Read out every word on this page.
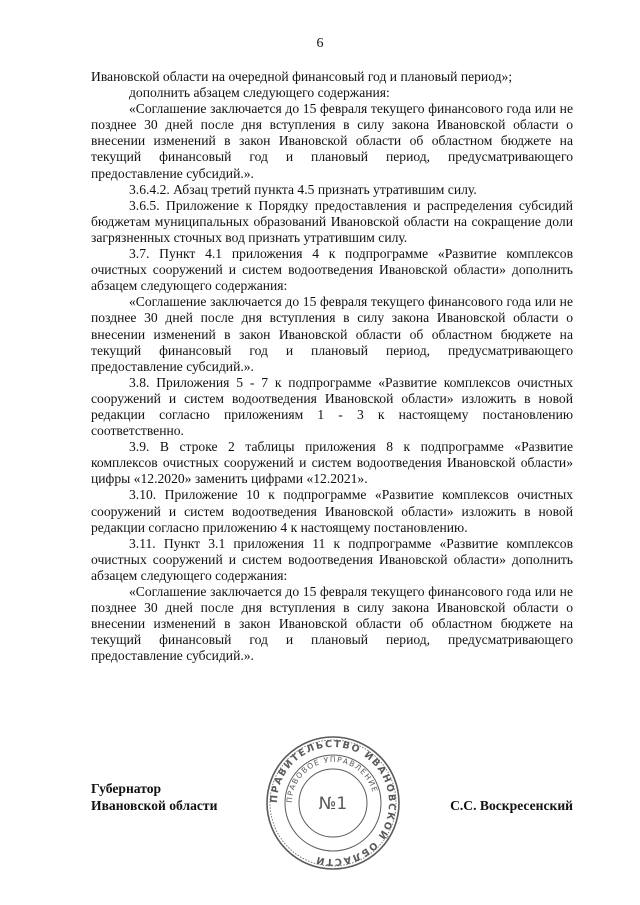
6

Ивановской области на очередной финансовый год и плановый период»;

дополнить абзацем следующего содержания:

«Соглашение заключается до 15 февраля текущего финансового года или не позднее 30 дней после дня вступления в силу закона Ивановской области о внесении изменений в закон Ивановской области об областном бюджете на текущий финансовый год и плановый период, предусматривающего предоставление субсидий.».

3.6.4.2. Абзац третий пункта 4.5 признать утратившим силу.

3.6.5. Приложение к Порядку предоставления и распределения субсидий бюджетам муниципальных образований Ивановской области на сокращение доли загрязненных сточных вод признать утратившим силу.

3.7. Пункт 4.1 приложения 4 к подпрограмме «Развитие комплексов очистных сооружений и систем водоотведения Ивановской области» дополнить абзацем следующего содержания:

«Соглашение заключается до 15 февраля текущего финансового года или не позднее 30 дней после дня вступления в силу закона Ивановской области о внесении изменений в закон Ивановской области об областном бюджете на текущий финансовый год и плановый период, предусматривающего предоставление субсидий.».

3.8. Приложения 5 - 7 к подпрограмме «Развитие комплексов очистных сооружений и систем водоотведения Ивановской области» изложить в новой редакции согласно приложениям 1 - 3 к настоящему постановлению соответственно.

3.9. В строке 2 таблицы приложения 8 к подпрограмме «Развитие комплексов очистных сооружений и систем водоотведения Ивановской области» цифры «12.2020» заменить цифрами «12.2021».

3.10. Приложение 10 к подпрограмме «Развитие комплексов очистных сооружений и систем водоотведения Ивановской области» изложить в новой редакции согласно приложению 4 к настоящему постановлению.

3.11. Пункт 3.1 приложения 11 к подпрограмме «Развитие комплексов очистных сооружений и систем водоотведения Ивановской области» дополнить абзацем следующего содержания:

«Соглашение заключается до 15 февраля текущего финансового года или не позднее 30 дней после дня вступления в силу закона Ивановской области о внесении изменений в закон Ивановской области об областном бюджете на текущий финансовый год и плановый период, предусматривающего предоставление субсидий.».

Губернатор
Ивановской области	С.С. Воскресенский
ПРАВИТЕЛЬСТВО ИВАНОВСКОЙ ОБЛАСТИ
ПРАВОВОЕ УПРАВЛЕНИЕ
№1
